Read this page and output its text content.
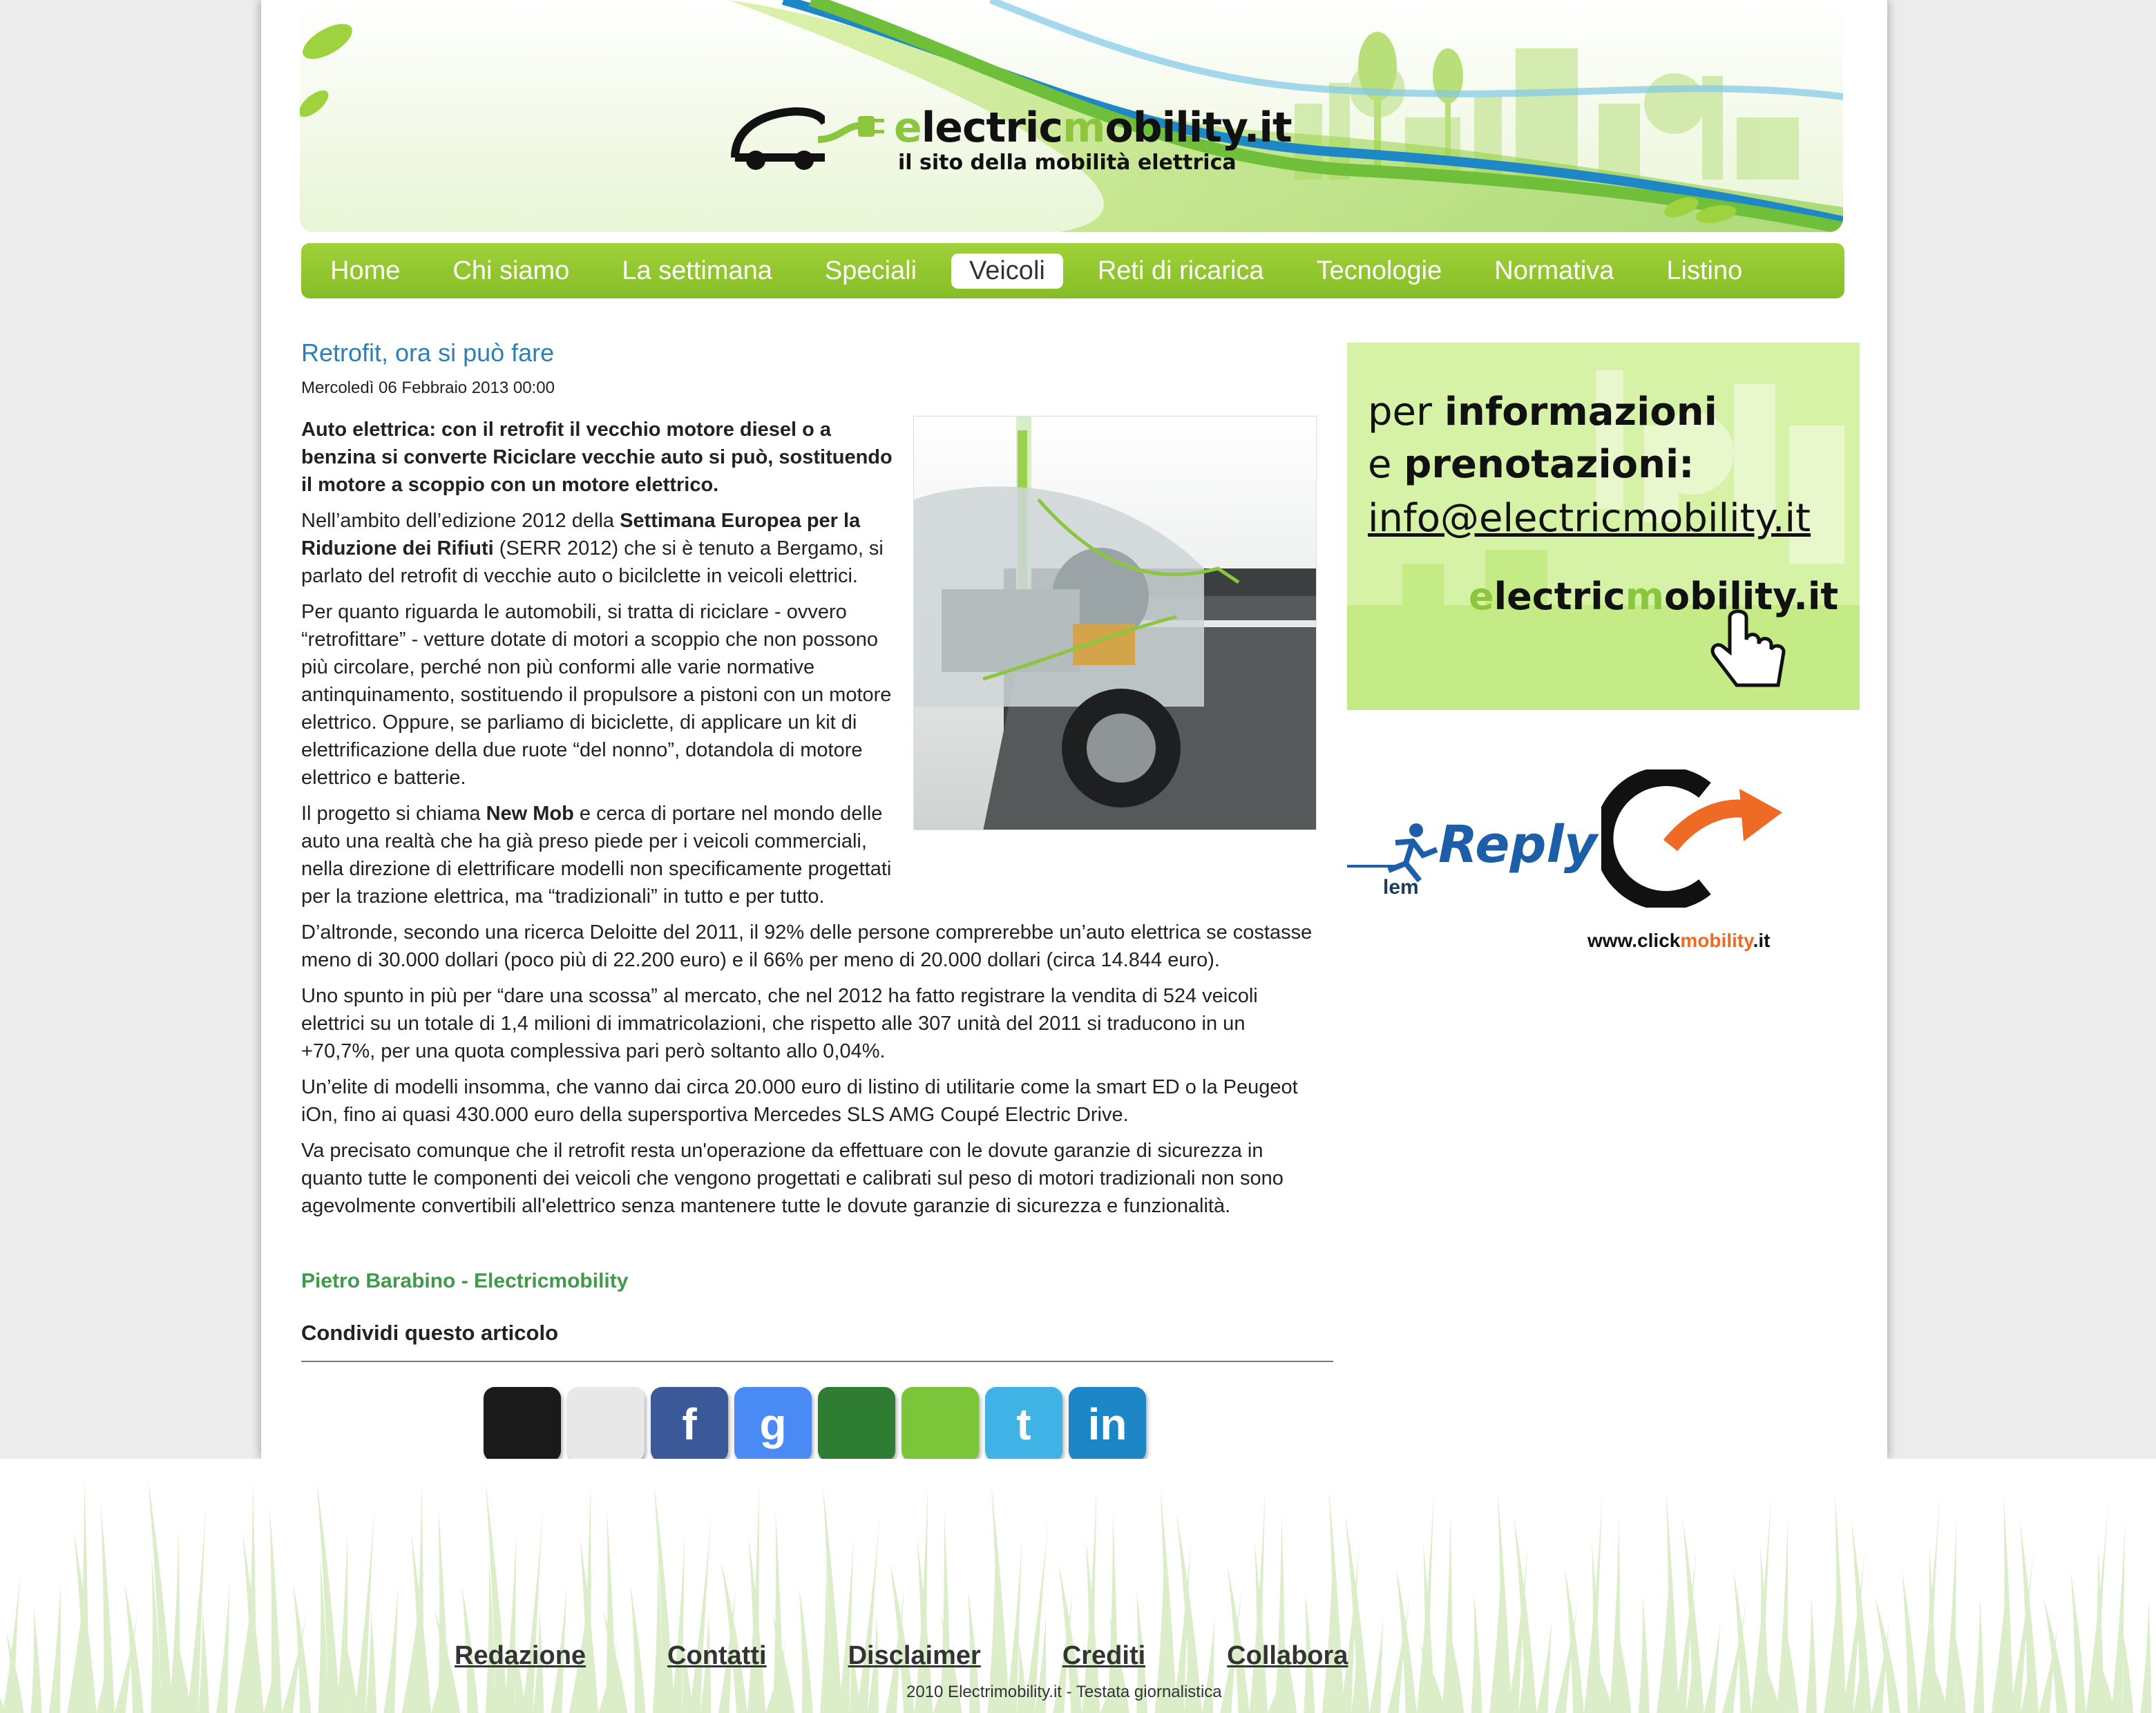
electricmobility.it
il sito della mobilità elettrica
Home	Chi siamo	La settimana	Speciali	Veicoli	Reti di ricarica	Tecnologie	Normativa	Listino
Retrofit, ora si può fare
Mercoledì 06 Febbraio 2013 00:00

Auto elettrica: con il retrofit il vecchio motore diesel o a benzina si converte Riciclare vecchie auto si può, sostituendo il motore a scoppio con un motore elettrico.

Nell’ambito dell’edizione 2012 della Settimana Europea per la Riduzione dei Rifiuti (SERR 2012) che si è tenuto a Bergamo, si parlato del retrofit di vecchie auto o bicilclette in veicoli elettrici.

Per quanto riguarda le automobili, si tratta di riciclare - ovvero “retrofittare” - vetture dotate di motori a scoppio che non possono più circolare, perché non più conformi alle varie normative antinquinamento, sostituendo il propulsore a pistoni con un motore elettrico. Oppure, se parliamo di biciclette, di applicare un kit di elettrificazione della due ruote “del nonno”, dotandola di motore elettrico e batterie.

Il progetto si chiama New Mob e cerca di portare nel mondo delle auto una realtà che ha già preso piede per i veicoli commerciali, nella direzione di elettrificare modelli non specificamente progettati per la trazione elettrica, ma “tradizionali” in tutto e per tutto.

D’altronde, secondo una ricerca Deloitte del 2011, il 92% delle persone comprerebbe un’auto elettrica se costasse meno di 30.000 dollari (poco più di 22.200 euro) e il 66% per meno di 20.000 dollari (circa 14.844 euro).

Uno spunto in più per “dare una scossa” al mercato, che nel 2012 ha fatto registrare la vendita di 524 veicoli elettrici su un totale di 1,4 milioni di immatricolazioni, che rispetto alle 307 unità del 2011 si traducono in un +70,7%, per una quota complessiva pari però soltanto allo 0,04%.

Un’elite di modelli insomma, che vanno dai circa 20.000 euro di listino di utilitarie come la smart ED o la Peugeot iOn, fino ai quasi 430.000 euro della supersportiva Mercedes SLS AMG Coupé Electric Drive.

Va precisato comunque che il retrofit resta un'operazione da effettuare con le dovute garanzie di sicurezza in quanto tutte le componenti dei veicoli che vengono progettati e calibrati sul peso di motori tradizionali non sono agevolmente convertibili all'elettrico senza mantenere tutte le dovute garanzie di sicurezza e funzionalità.

Pietro Barabino - Electricmobility
Condividi questo articolo
f	g	t	in
per informazioni
e prenotazioni:
info@electricmobility.it
electricmobility.it
Reply
lem
www.clickmobility.it
Redazione	Contatti	Disclaimer	Crediti	Collabora
2010 Electrimobility.it - Testata giornalistica
